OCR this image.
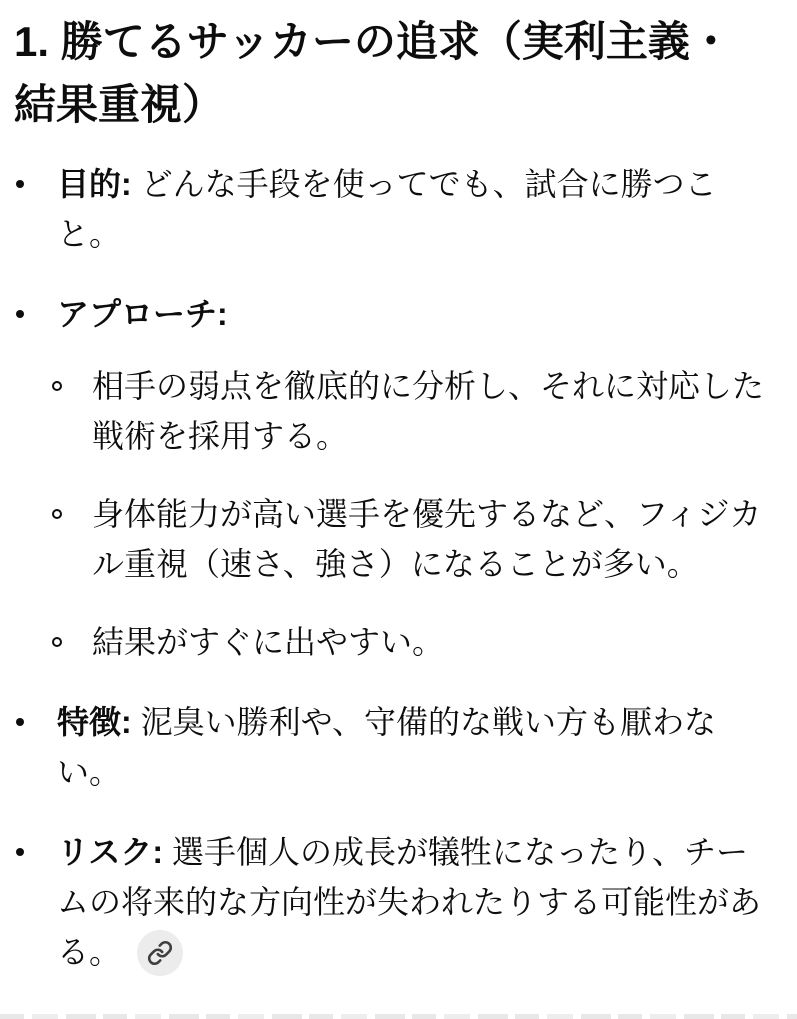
1. 勝てるサッカーの追求（実利主義・結果重視）
目的: どんな手段を使ってでも、試合に勝つこと。
アプローチ:
相手の弱点を徹底的に分析し、それに対応した戦術を採用する。
身体能力が高い選手を優先するなど、フィジカル重視（速さ、強さ）になることが多い。
結果がすぐに出やすい。
特徴: 泥臭い勝利や、守備的な戦い方も厭わない。
リスク: 選手個人の成長が犠牲になったり、チームの将来的な方向性が失われたりする可能性がある。
